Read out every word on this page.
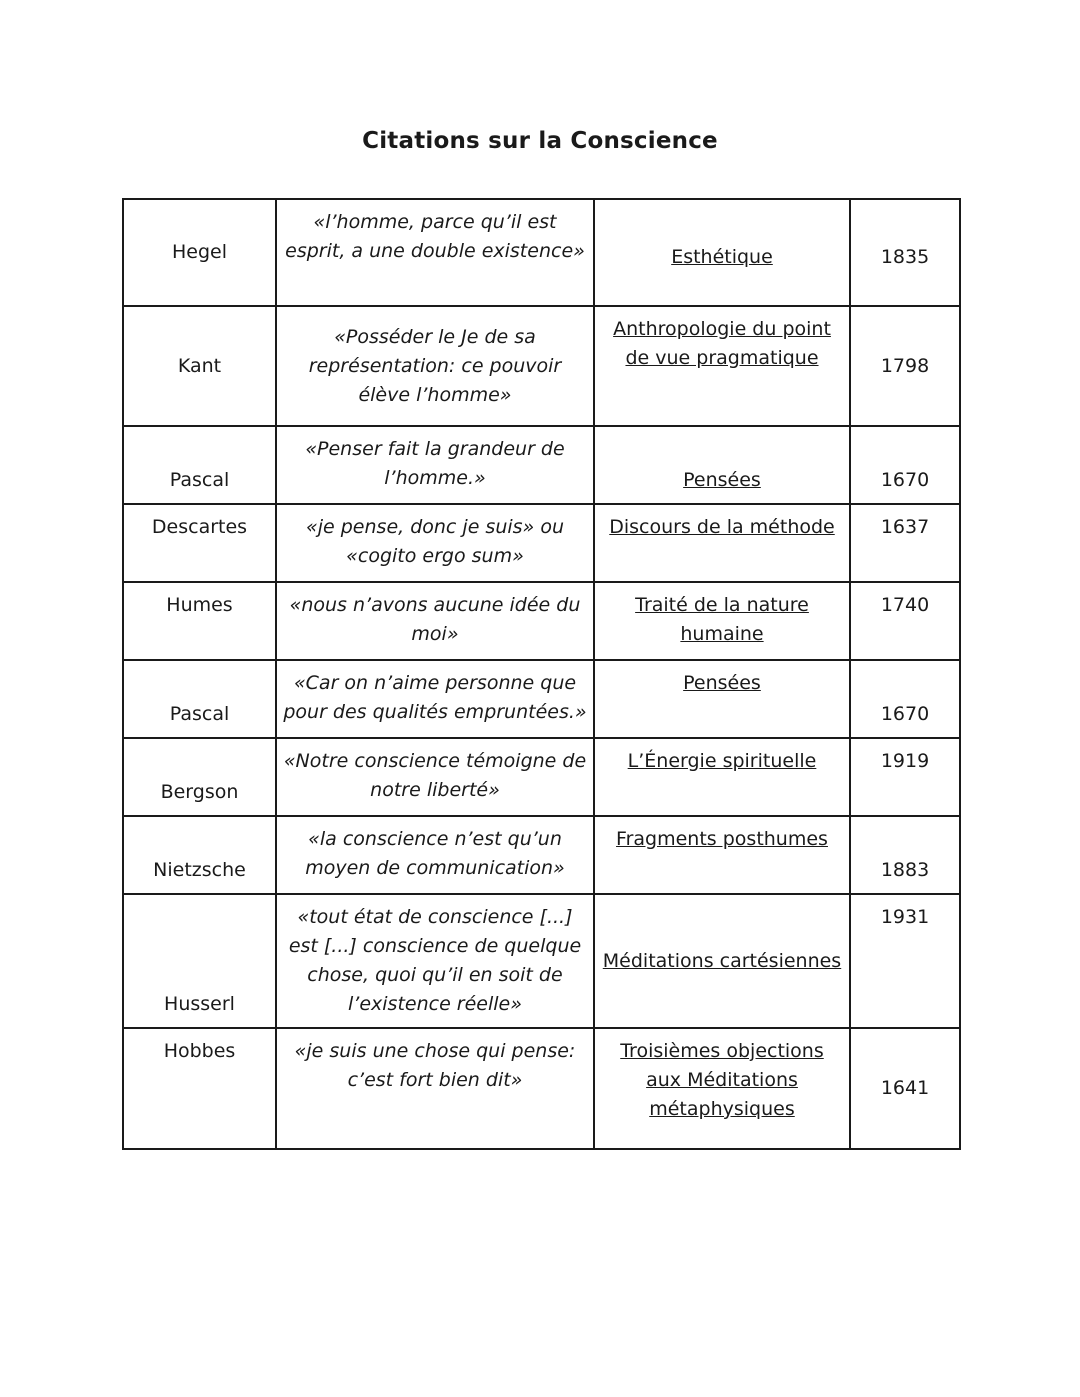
Citations sur la Conscience
Hegel	«l’homme, parce qu’il est esprit, a une double existence»	Esthétique	1835
Kant	«Posséder le Je de sa représentation: ce pouvoir élève l’homme»	Anthropologie du point de vue pragmatique	1798
Pascal	«Penser fait la grandeur de l’homme.»	Pensées	1670
Descartes	«je pense, donc je suis» ou «cogito ergo sum»	Discours de la méthode	1637
Humes	«nous n’avons aucune idée du moi»	Traité de la nature humaine	1740
Pascal	«Car on n’aime personne que pour des qualités empruntées.»	Pensées	1670
Bergson	«Notre conscience témoigne de notre liberté»	L’Énergie spirituelle	1919
Nietzsche	«la conscience n’est qu’un moyen de communication»	Fragments posthumes	1883
Husserl	«tout état de conscience [...] est [...] conscience de quelque chose, quoi qu’il en soit de l’existence réelle»	Méditations cartésiennes	1931
Hobbes	«je suis une chose qui pense: c’est fort bien dit»	Troisièmes objections aux Méditations métaphysiques	1641
